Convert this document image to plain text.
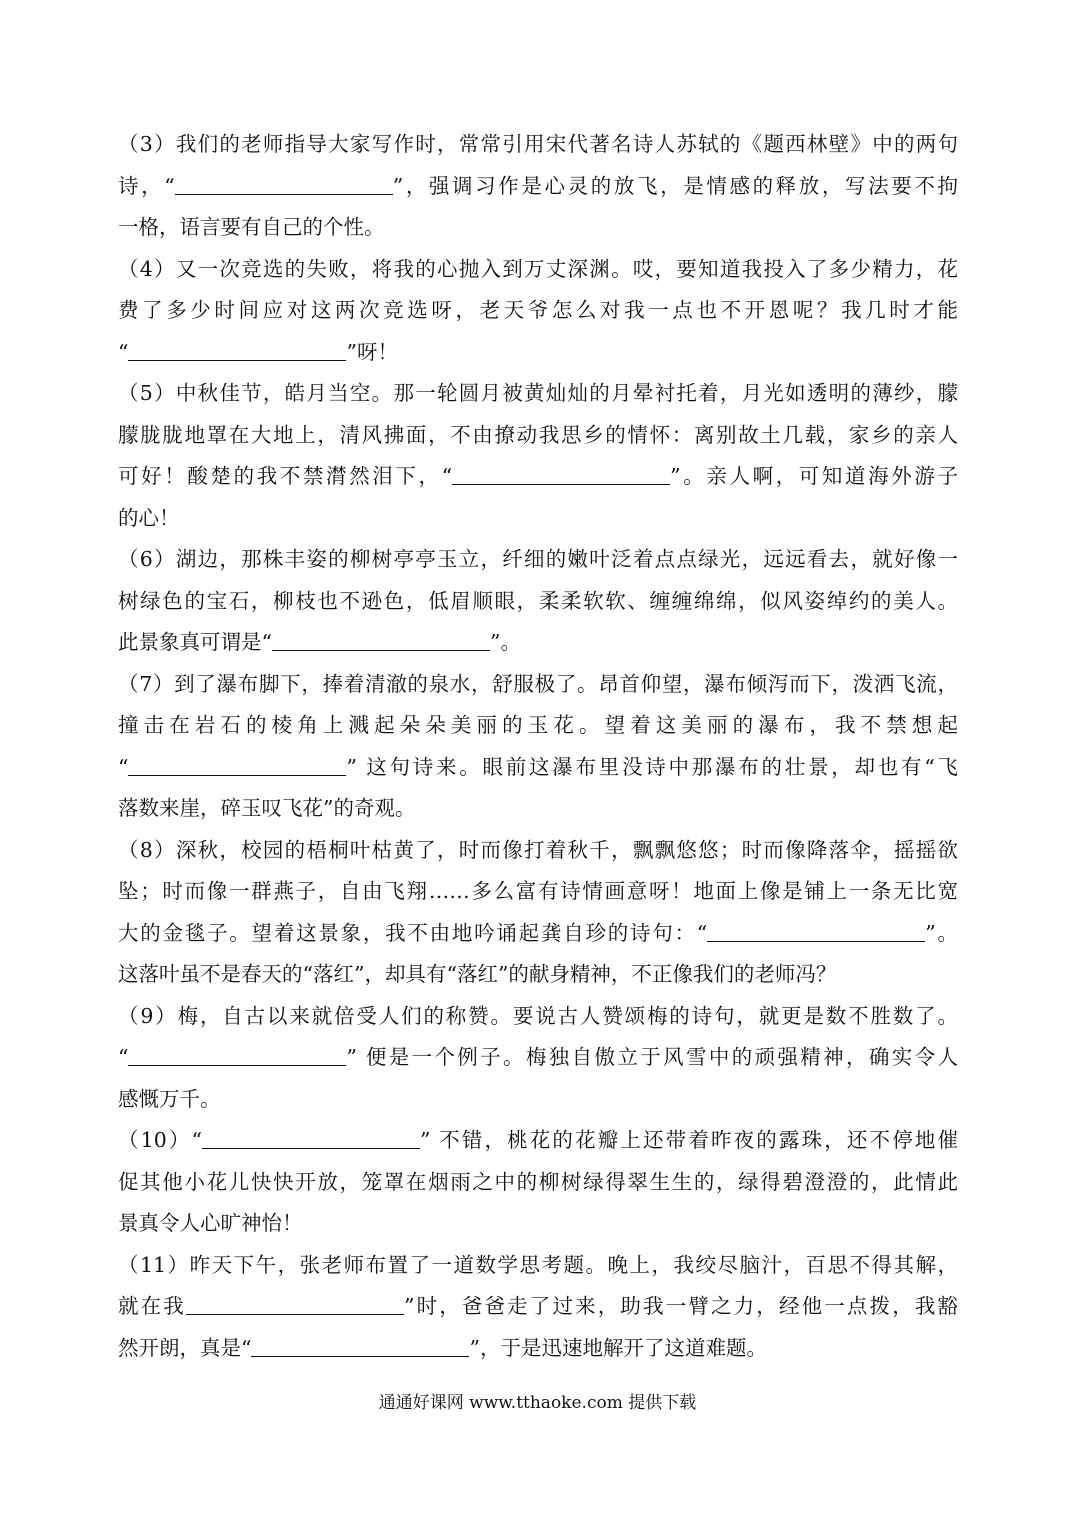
（3）我们的老师指导大家写作时，常常引用宋代著名诗人苏轼的《题西林壁》中的两句
诗，“	”，强调习作是心灵的放飞，是情感的释放，写法要不拘
一格，语言要有自己的个性。
（4）又一次竞选的失败，将我的心抛入到万丈深渊。哎，要知道我投入了多少精力，花
费了多少时间应对这两次竞选呀，老天爷怎么对我一点也不开恩呢？我几时才能
“	”呀！
（5）中秋佳节，皓月当空。那一轮圆月被黄灿灿的月晕衬托着，月光如透明的薄纱，朦
朦胧胧地罩在大地上，清风拂面，不由撩动我思乡的情怀：离别故土几载，家乡的亲人
可好！酸楚的我不禁潸然泪下，“	”。亲人啊，可知道海外游子
的心！
（6）湖边，那株丰姿的柳树亭亭玉立，纤细的嫩叶泛着点点绿光，远远看去，就好像一
树绿色的宝石，柳枝也不逊色，低眉顺眼，柔柔软软、缠缠绵绵，似风姿绰约的美人。
此景象真可谓是“	”。
（7）到了瀑布脚下，捧着清澈的泉水，舒服极了。昂首仰望，瀑布倾泻而下，泼洒飞流，
撞击在岩石的棱角上溅起朵朵美丽的玉花。望着这美丽的瀑布，我不禁想起
“	” 这句诗来。眼前这瀑布里没诗中那瀑布的壮景，却也有“飞
落数来崖，碎玉叹飞花”的奇观。
（8）深秋，校园的梧桐叶枯黄了，时而像打着秋千，飘飘悠悠；时而像降落伞，摇摇欲
坠；时而像一群燕子，自由飞翔……多么富有诗情画意呀！地面上像是铺上一条无比宽
大的金毯子。望着这景象，我不由地吟诵起龚自珍的诗句：“	”。
这落叶虽不是春天的“落红”，却具有“落红”的献身精神，不正像我们的老师冯？
（9）梅，自古以来就倍受人们的称赞。要说古人赞颂梅的诗句，就更是数不胜数了。
“	” 便是一个例子。梅独自傲立于风雪中的顽强精神，确实令人
感慨万千。
（10）“	” 不错，桃花的花瓣上还带着昨夜的露珠，还不停地催
促其他小花儿快快开放，笼罩在烟雨之中的柳树绿得翠生生的，绿得碧澄澄的，此情此
景真令人心旷神怡！
（11）昨天下午，张老师布置了一道数学思考题。晚上，我绞尽脑汁，百思不得其解，
就在我	”时，爸爸走了过来，助我一臂之力，经他一点拨，我豁
然开朗，真是“	”，于是迅速地解开了这道难题。
通通好课网 www.tthaoke.com 提供下载
